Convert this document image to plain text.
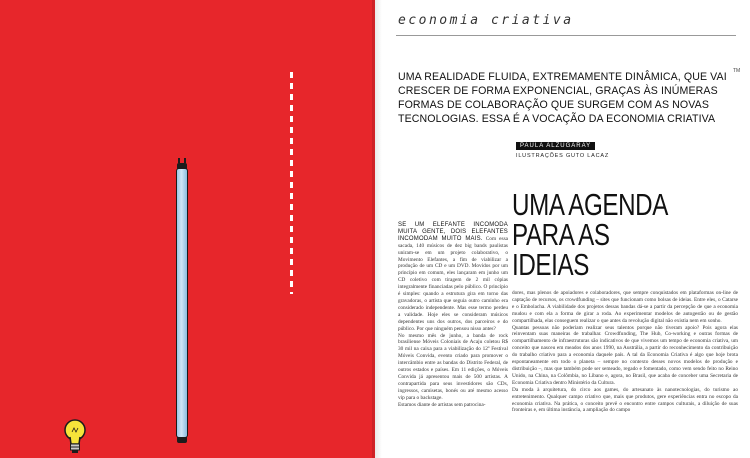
economia criativa
UMA REALIDADE FLUIDA, EXTREMAMENTE DINÂMICA, QUE VAI CRESCER DE FORMA EXPONENCIAL, GRAÇAS ÀS INÚMERAS FORMAS DE COLABORAÇÃO QUE SURGEM COM AS NOVAS TECNOLOGIAS. ESSA É A VOCAÇÃO DA ECONOMIA CRIATIVA
TM
PAULA ALZUGARAY
ILUSTRAÇÕES GUTO LACAZ
UMA AGENDA
PARA AS IDEIAS

SE UM ELEFANTE INCOMODA MUITA GENTE, DOIS ELEFANTES INCOMODAM MUITO MAIS. Com essa sacada, 140 músicos de dez big bands paulistas uniram-se em um projeto colaborativo, o Movimento Elefantes, a fim de viabilizar a produção de um CD e um DVD. Movidos por um princípio em comum, eles lançaram em junho um CD coletivo com tiragem de 2 mil cópias integralmente financiadas pelo público. O princípio é simples: quando a estrutura gira em torno das gravadoras, o artista que seguia outro caminho era considerado independente. Mas esse termo perdeu a validade. Hoje eles se consideram músicos dependentes uns dos outros, dos parceiros e do público. Por que ninguém pensou nisso antes?

No mesmo mês de junho, a banda de rock brasiliense Móveis Coloniais de Acaju coletou R$ 30 mil na caixa para a viabilização do 12º Festival Móveis Convida, evento criado para promover o intercâmbio entre as bandas do Distrito Federal, de outros estados e países. Em 11 edições, o Móveis Convida já apresentou mais de 500 artistas. A contrapartida para seus investidores são CDs, ingressos, camisetas, bonés ou até mesmo acesso vip para o backstage.

Estamos diante de artistas sem patrocina-

dores, mas plenos de apoiadores e colaboradores, que sempre conquistados em plataformas on-line de captação de recursos, os crowdfunding – sites que funcionam como bolsas de ideias. Entre eles, o Catarse e o Embolacha. A viabilidade dos projetos dessas bandas dá-se a partir da percepção de que a economia mudou e com ela a forma de girar a roda. Ao experimentar modelos de autogestão ou de gestão compartilhada, elas conseguem realizar o que antes da revolução digital não existia nem em sonho.

Quantas pessoas não poderiam realizar seus talentos porque não tiveram apoio? Pois agora elas reinventam suas maneiras de trabalhar. Crowdfunding, The Hub, Co-working e outras formas de compartilhamento de infraestruturas são indicativos de que vivemos um tempo de economia criativa, um conceito que nasceu em meados dos anos 1990, na Austrália, a partir do reconhecimento da contribuição do trabalho criativo para a economia daquele país. A tal da Economia Criativa é algo que hoje brota espontaneamente em todo o planeta – sempre no contexto desses novos modelos de produção e distribuição –, mas que também pode ser semeado, regado e fomentado, como vem sendo feito no Reino Unido, na China, na Colômbia, no Líbano e, agora, no Brasil, que acaba de conceber uma Secretaria de Economia Criativa dentro Ministério da Cultura.

Da moda à arquitetura, do circo aos games, do artesanato às nanotecnologias, do turismo ao entretenimento. Qualquer campo criativo que, mais que produtos, gere experiências entra no escopo da economia criativa. Na prática, o conceito prevê o encontro entre campos culturais, a diluição de suas fronteiras e, em última instância, a ampliação do campo
